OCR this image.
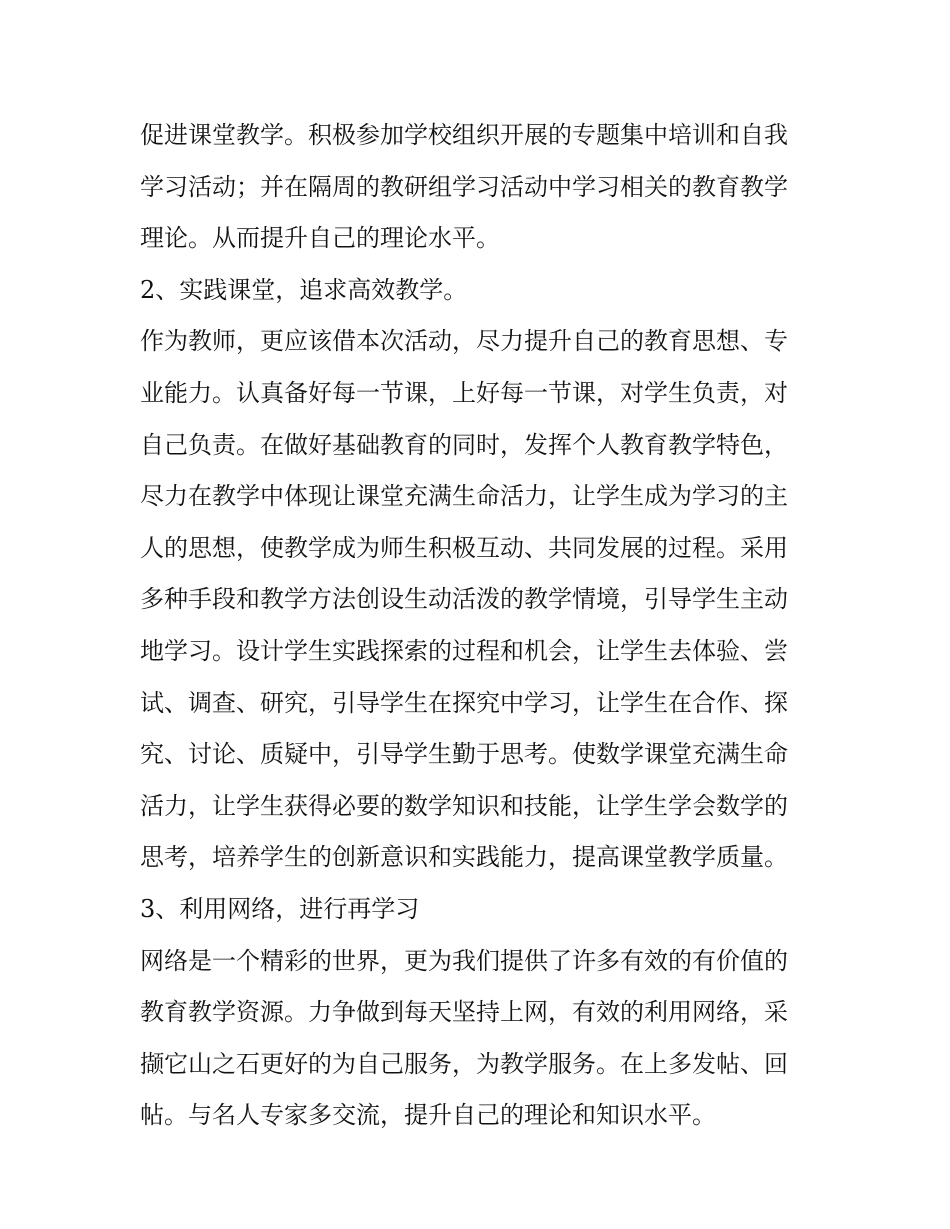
促进课堂教学。积极参加学校组织开展的专题集中培训和自我
学习活动；并在隔周的教研组学习活动中学习相关的教育教学
理论。从而提升自己的理论水平。
2、实践课堂，追求高效教学。
作为教师，更应该借本次活动，尽力提升自己的教育思想、专
业能力。认真备好每一节课，上好每一节课，对学生负责，对
自己负责。在做好基础教育的同时，发挥个人教育教学特色，
尽力在教学中体现让课堂充满生命活力，让学生成为学习的主
人的思想，使教学成为师生积极互动、共同发展的过程。采用
多种手段和教学方法创设生动活泼的教学情境，引导学生主动
地学习。设计学生实践探索的过程和机会，让学生去体验、尝
试、调查、研究，引导学生在探究中学习，让学生在合作、探
究、讨论、质疑中，引导学生勤于思考。使数学课堂充满生命
活力，让学生获得必要的数学知识和技能，让学生学会数学的
思考，培养学生的创新意识和实践能力，提高课堂教学质量。
3、利用网络，进行再学习
网络是一个精彩的世界，更为我们提供了许多有效的有价值的
教育教学资源。力争做到每天坚持上网，有效的利用网络，采
撷它山之石更好的为自己服务，为教学服务。在上多发帖、回
帖。与名人专家多交流，提升自己的理论和知识水平。
